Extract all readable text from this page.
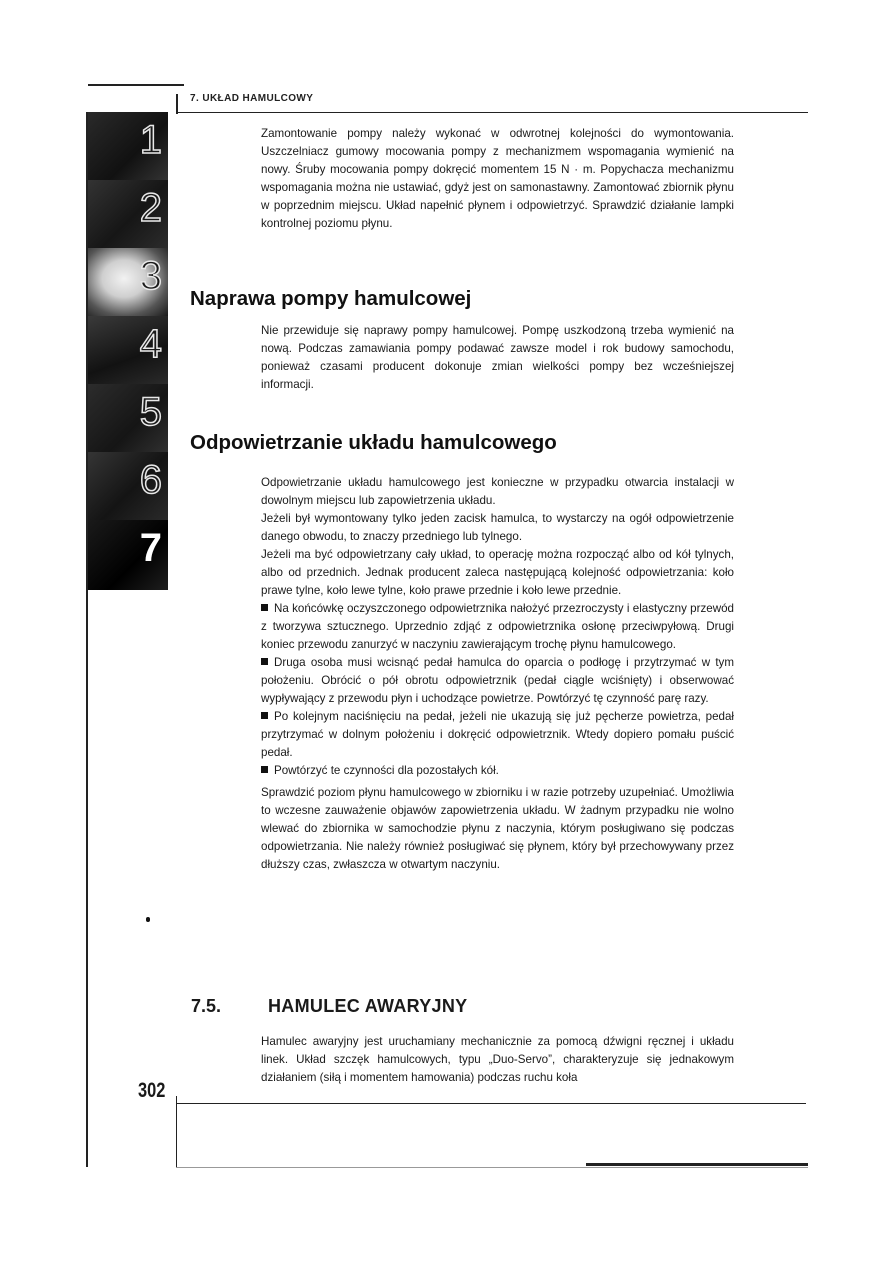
7. UKŁAD HAMULCOWY
1
2
3
4
5
6
7

Zamontowanie pompy należy wykonać w odwrotnej kolejności do wymontowania. Uszczelniacz gumowy mocowania pompy z mechanizmem wspomagania wymienić na nowy. Śruby mocowania pompy dokręcić momentem 15 N · m. Popychacza mechanizmu wspomagania można nie ustawiać, gdyż jest on samonastawny. Zamontować zbiornik płynu w poprzednim miejscu. Układ napełnić płynem i odpowietrzyć. Sprawdzić działanie lampki kontrolnej poziomu płynu.

Naprawa pompy hamulcowej

Nie przewiduje się naprawy pompy hamulcowej. Pompę uszkodzoną trzeba wymienić na nową. Podczas zamawiania pompy podawać zawsze model i rok budowy samochodu, ponieważ czasami producent dokonuje zmian wielkości pompy bez wcześniejszej informacji.

Odpowietrzanie układu hamulcowego

Odpowietrzanie układu hamulcowego jest konieczne w przypadku otwarcia instalacji w dowolnym miejscu lub zapowietrzenia układu.

Jeżeli był wymontowany tylko jeden zacisk hamulca, to wystarczy na ogół odpowietrzenie danego obwodu, to znaczy przedniego lub tylnego.

Jeżeli ma być odpowietrzany cały układ, to operację można rozpocząć albo od kół tylnych, albo od przednich. Jednak producent zaleca następującą kolejność odpowietrzania: koło prawe tylne, koło lewe tylne, koło prawe przednie i koło lewe przednie.

Na końcówkę oczyszczonego odpowietrznika nałożyć przezroczysty i elastyczny przewód z tworzywa sztucznego. Uprzednio zdjąć z odpowietrznika osłonę przeciwpyłową. Drugi koniec przewodu zanurzyć w naczyniu zawierającym trochę płynu hamulcowego.

Druga osoba musi wcisnąć pedał hamulca do oparcia o podłogę i przytrzymać w tym położeniu. Obrócić o pół obrotu odpowietrznik (pedał ciągle wciśnięty) i obserwować wypływający z przewodu płyn i uchodzące powietrze. Powtórzyć tę czynność parę razy.

Po kolejnym naciśnięciu na pedał, jeżeli nie ukazują się już pęcherze powietrza, pedał przytrzymać w dolnym położeniu i dokręcić odpowietrznik. Wtedy dopiero pomału puścić pedał.

Powtórzyć te czynności dla pozostałych kół.

Sprawdzić poziom płynu hamulcowego w zbiorniku i w razie potrzeby uzupełniać. Umożliwia to wczesne zauważenie objawów zapowietrzenia układu. W żadnym przypadku nie wolno wlewać do zbiornika w samochodzie płynu z naczynia, którym posługiwano się podczas odpowietrzania. Nie należy również posługiwać się płynem, który był przechowywany przez dłuższy czas, zwłaszcza w otwartym naczyniu.

7.5.	HAMULEC AWARYJNY

Hamulec awaryjny jest uruchamiany mechanicznie za pomocą dźwigni ręcznej i układu linek. Układ szczęk hamulcowych, typu „Duo-Servo”, charakteryzuje się jednakowym działaniem (siłą i momentem hamowania) podczas ruchu koła

302
